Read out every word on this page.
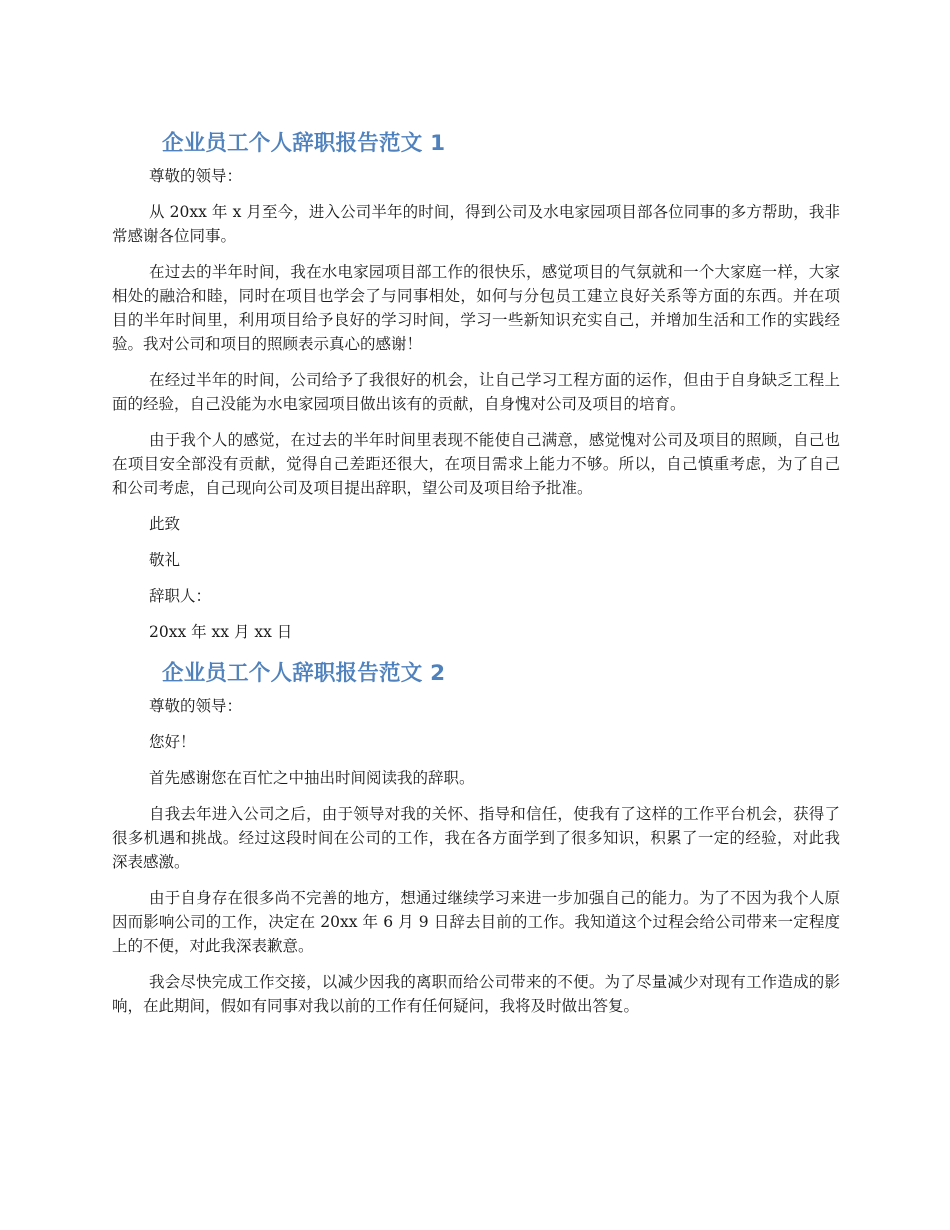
企业员工个人辞职报告范文 1

尊敬的领导：

从 20xx 年 x 月至今，进入公司半年的时间，得到公司及水电家园项目部各位同事的多方帮助，我非常感谢各位同事。

在过去的半年时间，我在水电家园项目部工作的很快乐，感觉项目的气氛就和一个大家庭一样，大家相处的融洽和睦，同时在项目也学会了与同事相处，如何与分包员工建立良好关系等方面的东西。并在项目的半年时间里，利用项目给予良好的学习时间，学习一些新知识充实自己，并增加生活和工作的实践经验。我对公司和项目的照顾表示真心的感谢！

在经过半年的时间，公司给予了我很好的机会，让自己学习工程方面的运作，但由于自身缺乏工程上面的经验，自己没能为水电家园项目做出该有的贡献，自身愧对公司及项目的培育。

由于我个人的感觉，在过去的半年时间里表现不能使自己满意，感觉愧对公司及项目的照顾，自己也在项目安全部没有贡献，觉得自己差距还很大，在项目需求上能力不够。所以，自己慎重考虑，为了自己和公司考虑，自己现向公司及项目提出辞职，望公司及项目给予批准。

此致

敬礼

辞职人：

20xx 年 xx 月 xx 日

企业员工个人辞职报告范文 2

尊敬的领导：

您好！

首先感谢您在百忙之中抽出时间阅读我的辞职。

自我去年进入公司之后，由于领导对我的关怀、指导和信任，使我有了这样的工作平台机会，获得了很多机遇和挑战。经过这段时间在公司的工作，我在各方面学到了很多知识，积累了一定的经验，对此我深表感激。

由于自身存在很多尚不完善的地方，想通过继续学习来进一步加强自己的能力。为了不因为我个人原因而影响公司的工作，决定在 20xx 年 6 月 9 日辞去目前的工作。我知道这个过程会给公司带来一定程度上的不便，对此我深表歉意。

我会尽快完成工作交接，以减少因我的离职而给公司带来的不便。为了尽量减少对现有工作造成的影响，在此期间，假如有同事对我以前的工作有任何疑问，我将及时做出答复。
